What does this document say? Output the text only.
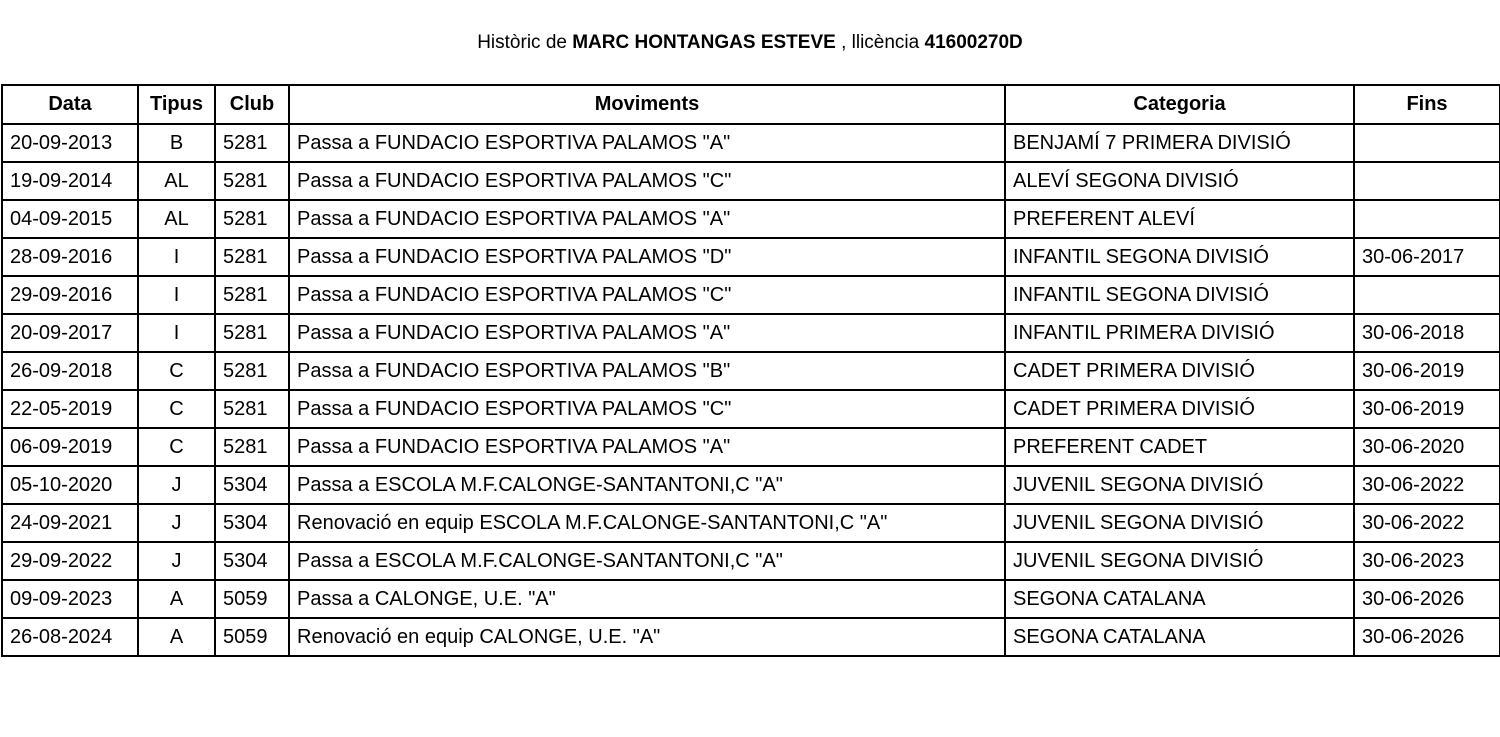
Històric de MARC HONTANGAS ESTEVE , llicència 41600270D
Data	Tipus	Club	Moviments	Categoria	Fins
20-09-2013	B	5281	Passa a FUNDACIO ESPORTIVA PALAMOS "A"	BENJAMÍ 7 PRIMERA DIVISIÓ	
19-09-2014	AL	5281	Passa a FUNDACIO ESPORTIVA PALAMOS "C"	ALEVÍ SEGONA DIVISIÓ	
04-09-2015	AL	5281	Passa a FUNDACIO ESPORTIVA PALAMOS "A"	PREFERENT ALEVÍ	
28-09-2016	I	5281	Passa a FUNDACIO ESPORTIVA PALAMOS "D"	INFANTIL SEGONA DIVISIÓ	30-06-2017
29-09-2016	I	5281	Passa a FUNDACIO ESPORTIVA PALAMOS "C"	INFANTIL SEGONA DIVISIÓ	
20-09-2017	I	5281	Passa a FUNDACIO ESPORTIVA PALAMOS "A"	INFANTIL PRIMERA DIVISIÓ	30-06-2018
26-09-2018	C	5281	Passa a FUNDACIO ESPORTIVA PALAMOS "B"	CADET PRIMERA DIVISIÓ	30-06-2019
22-05-2019	C	5281	Passa a FUNDACIO ESPORTIVA PALAMOS "C"	CADET PRIMERA DIVISIÓ	30-06-2019
06-09-2019	C	5281	Passa a FUNDACIO ESPORTIVA PALAMOS "A"	PREFERENT CADET	30-06-2020
05-10-2020	J	5304	Passa a ESCOLA M.F.CALONGE-SANTANTONI,C "A"	JUVENIL SEGONA DIVISIÓ	30-06-2022
24-09-2021	J	5304	Renovació en equip ESCOLA M.F.CALONGE-SANTANTONI,C "A"	JUVENIL SEGONA DIVISIÓ	30-06-2022
29-09-2022	J	5304	Passa a ESCOLA M.F.CALONGE-SANTANTONI,C "A"	JUVENIL SEGONA DIVISIÓ	30-06-2023
09-09-2023	A	5059	Passa a CALONGE, U.E. "A"	SEGONA CATALANA	30-06-2026
26-08-2024	A	5059	Renovació en equip CALONGE, U.E. "A"	SEGONA CATALANA	30-06-2026
